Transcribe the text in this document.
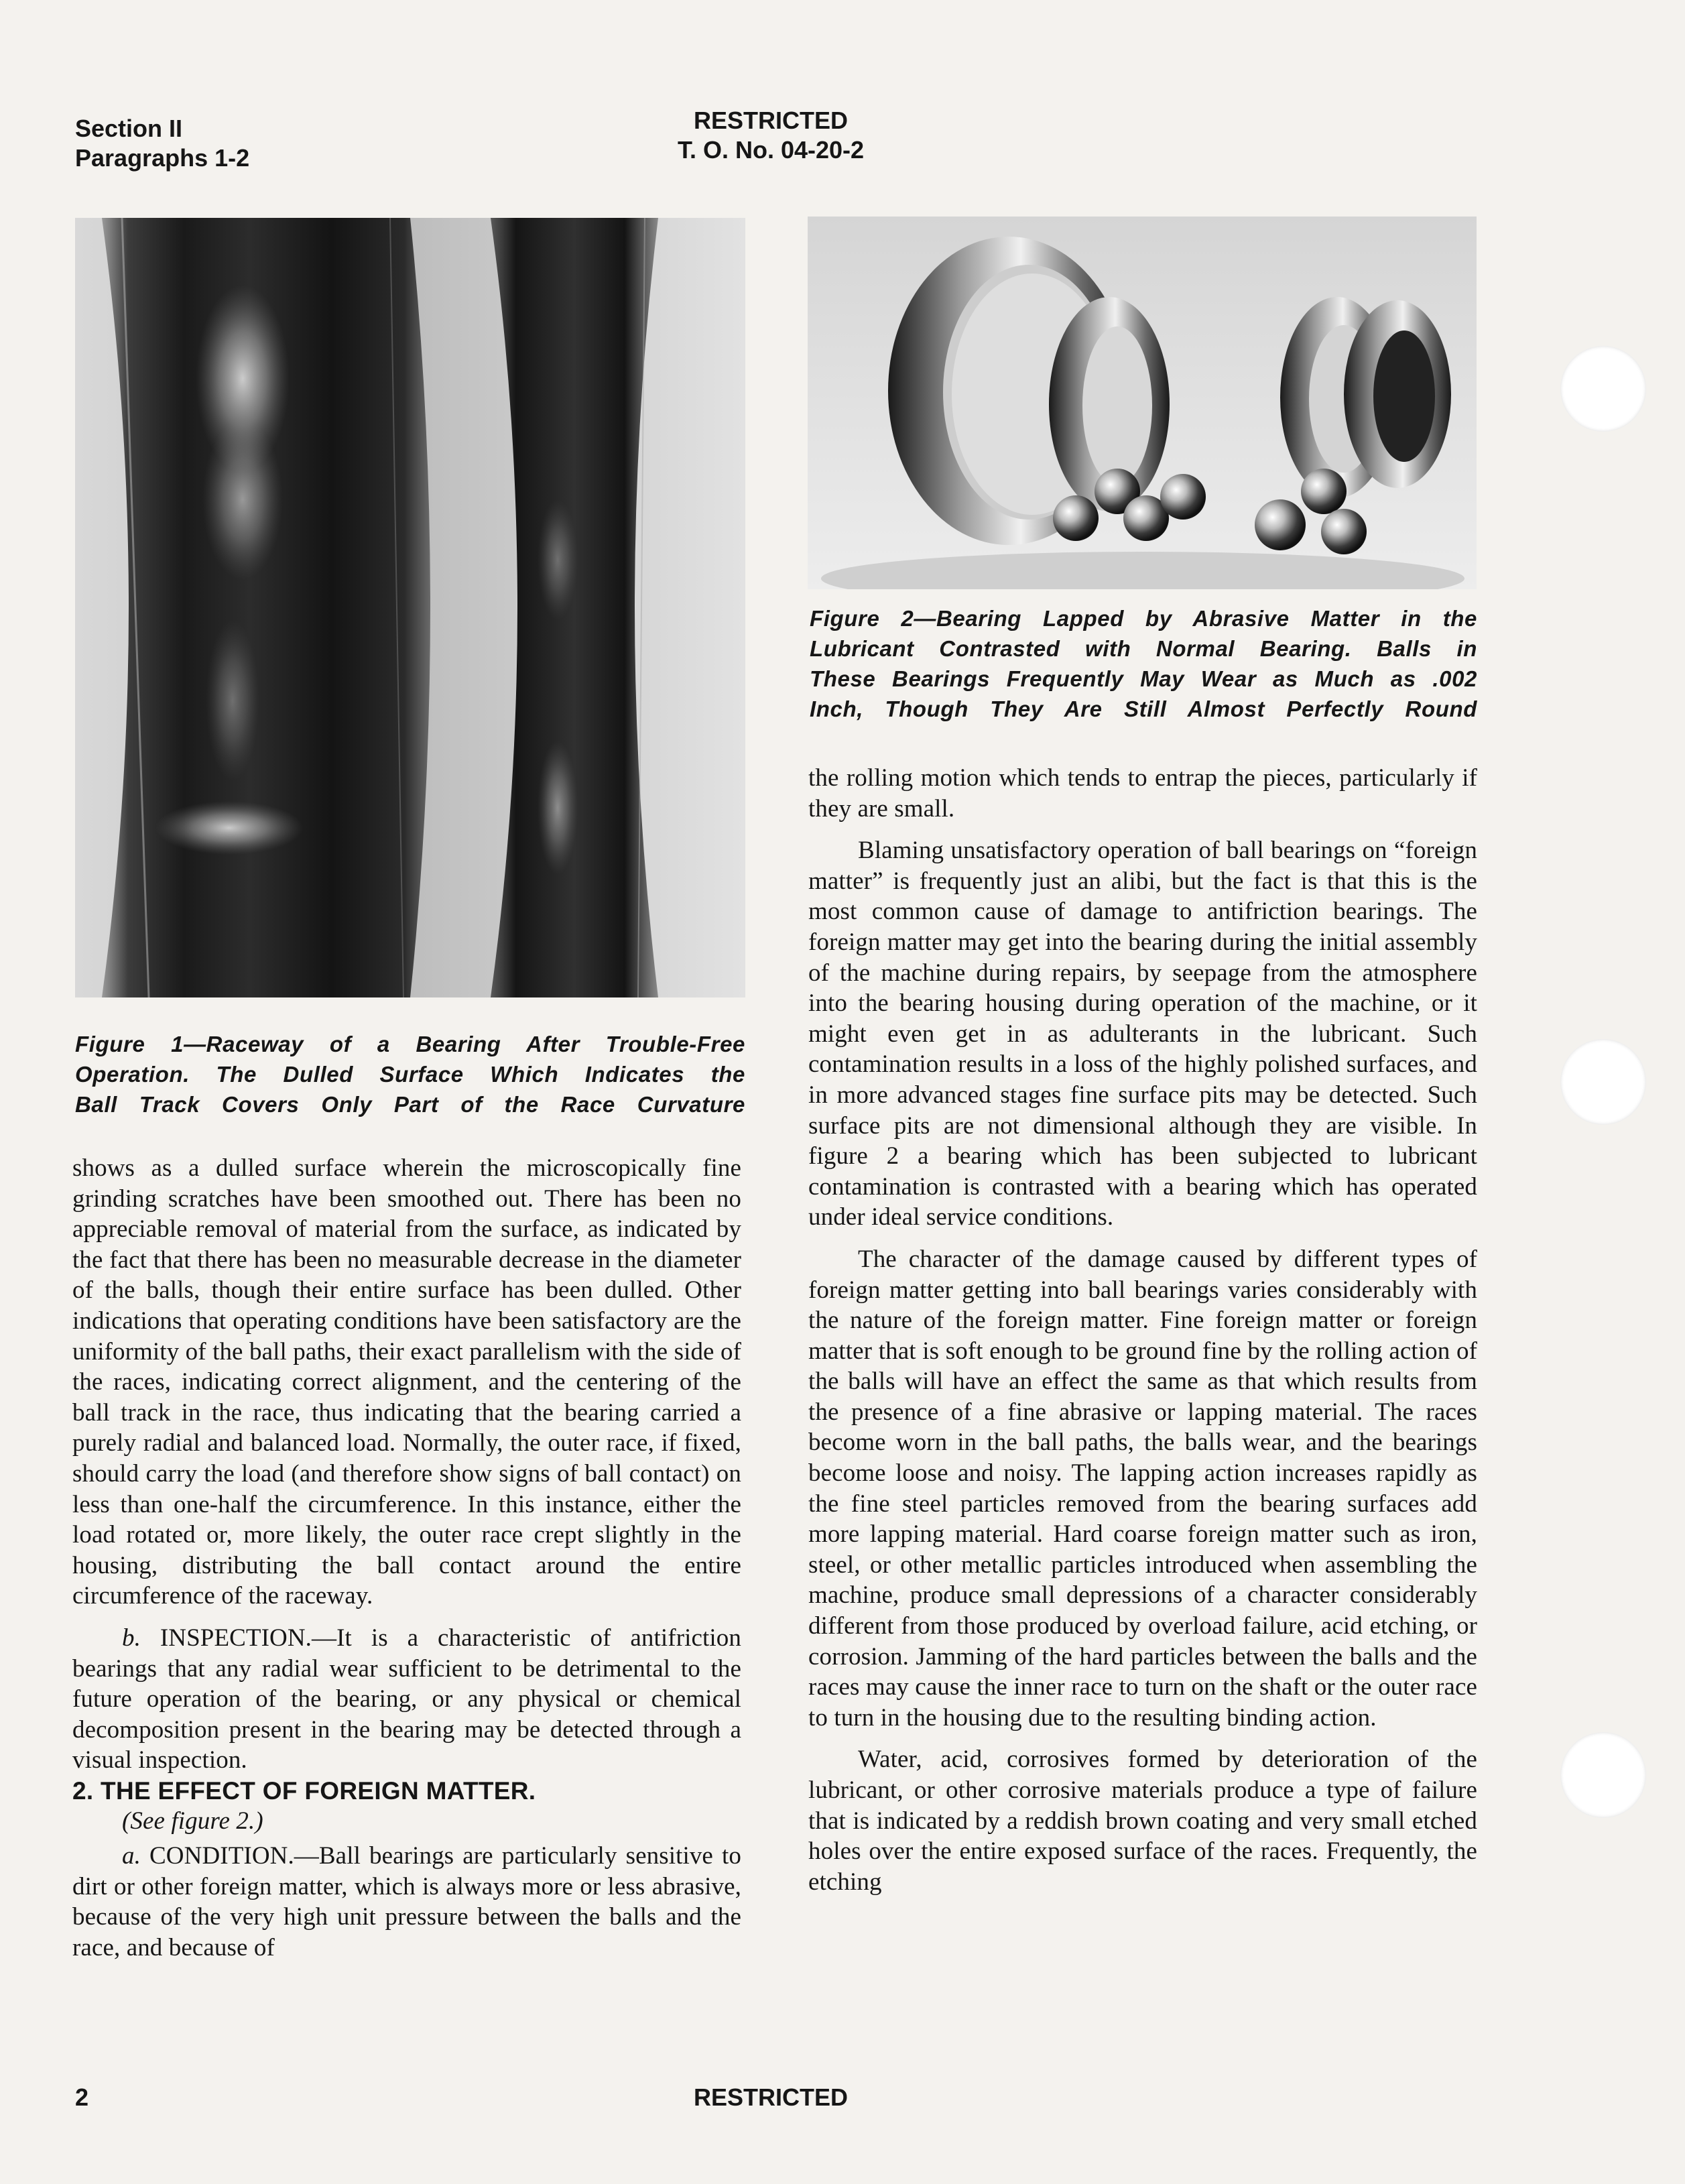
Section II
Paragraphs 1-2
RESTRICTED
T. O. No. 04-20-2
Figure 1—Raceway of a Bearing After Trouble-Free
Operation. The Dulled Surface Which Indicates the
Ball Track Covers Only Part of the Race Curvature
Figure 2—Bearing Lapped by Abrasive Matter in the
Lubricant Contrasted with Normal Bearing. Balls in
These Bearings Frequently May Wear as Much as .002
Inch, Though They Are Still Almost Perfectly Round

shows as a dulled surface wherein the microscopically fine grinding scratches have been smoothed out. There has been no appreciable removal of material from the surface, as indicated by the fact that there has been no measurable decrease in the diameter of the balls, though their entire surface has been dulled. Other indications that operating conditions have been satisfactory are the uniformity of the ball paths, their exact parallelism with the side of the races, indicating correct alignment, and the centering of the ball track in the race, thus indicating that the bearing carried a purely radial and balanced load. Normally, the outer race, if fixed, should carry the load (and therefore show signs of ball contact) on less than one-half the circumference. In this instance, either the load rotated or, more likely, the outer race crept slightly in the housing, distributing the ball contact around the entire circumference of the raceway.

b. INSPECTION.—It is a characteristic of antifriction bearings that any radial wear sufficient to be detrimental to the future operation of the bearing, or any physical or chemical decomposition present in the bearing may be detected through a visual inspection.

2. THE EFFECT OF FOREIGN MATTER.

(See figure 2.)

a. CONDITION.—Ball bearings are particularly sensitive to dirt or other foreign matter, which is always more or less abrasive, because of the very high unit pressure between the balls and the race, and because of

the rolling motion which tends to entrap the pieces, particularly if they are small.

Blaming unsatisfactory operation of ball bearings on “foreign matter” is frequently just an alibi, but the fact is that this is the most common cause of damage to antifriction bearings. The foreign matter may get into the bearing during the initial assembly of the machine during repairs, by seepage from the atmosphere into the bearing housing during operation of the machine, or it might even get in as adulterants in the lubricant. Such contamination results in a loss of the highly polished surfaces, and in more advanced stages fine surface pits may be detected. Such surface pits are not dimensional although they are visible. In figure 2 a bearing which has been subjected to lubricant contamination is contrasted with a bearing which has operated under ideal service conditions.

The character of the damage caused by different types of foreign matter getting into ball bearings varies considerably with the nature of the foreign matter. Fine foreign matter or foreign matter that is soft enough to be ground fine by the rolling action of the balls will have an effect the same as that which results from the presence of a fine abrasive or lapping material. The races become worn in the ball paths, the balls wear, and the bearings become loose and noisy. The lapping action increases rapidly as the fine steel particles removed from the bearing surfaces add more lapping material. Hard coarse foreign matter such as iron, steel, or other metallic particles introduced when assembling the machine, produce small depressions of a character considerably different from those produced by overload failure, acid etching, or corrosion. Jamming of the hard particles between the balls and the races may cause the inner race to turn on the shaft or the outer race to turn in the housing due to the resulting binding action.

Water, acid, corrosives formed by deterioration of the lubricant, or other corrosive materials produce a type of failure that is indicated by a reddish brown coating and very small etched holes over the entire exposed surface of the races. Frequently, the etching

2	RESTRICTED
